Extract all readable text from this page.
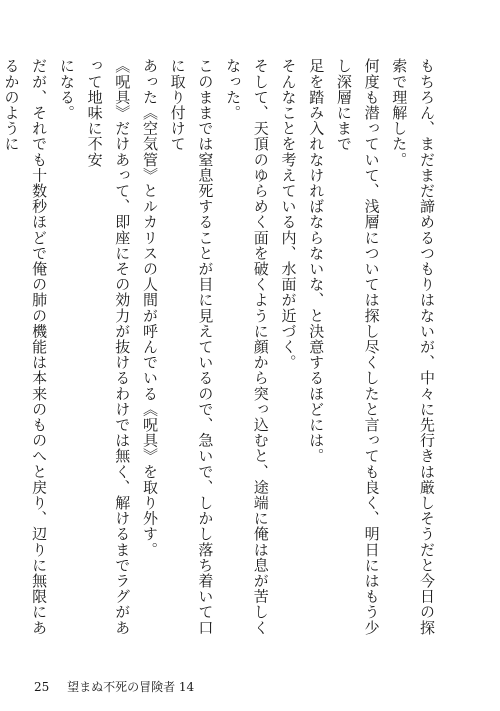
もちろん、まだまだ諦めるつもりはないが、中々に先行きは厳しそうだと今日の探索で理解した。

何度も潜っていて、浅層については探し尽くしたと言っても良く、明日にはもう少し深層にまで

足を踏み入れなければならないな、と決意するほどには。

そんなことを考えている内、水面が近づく。

そして、天頂のゆらめく面を破くように顔から突っ込むと、途端に俺は息が苦しくなった。

このままでは窒息死することが目に見えているので、急いで、しかし落ち着いて口に取り付けて

あった《空気管》とルカリスの人間が呼んでいる《呪具》を取り外す。

《呪具》だけあって、即座にその効力が抜けるわけでは無く、解けるまでラグがあって地味に不安

になる。

だが、それでも十数秒ほどで俺の肺の機能は本来のものへと戻り、辺りに無限にあるかのように

25 望まぬ不死の冒険者 14
